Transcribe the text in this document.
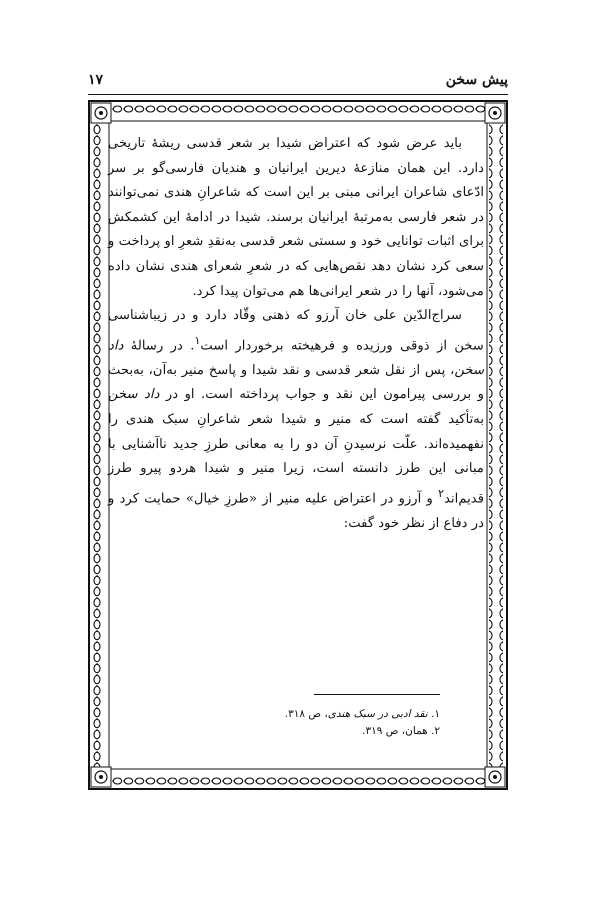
پیش سخن
۱۷

باید عرض شود که اعتراض شیدا بر شعر قدسی ریشهٔ تاریخی دارد. این همان منازعهٔ دیرین ایرانیان و هندیان فارسی‌گو بر سر ادّعای شاعران ایرانی مبنی بر این است که شاعرانِ هندی نمی‌توانند در شعر فارسی به‌مرتبهٔ ایرانیان برسند. شیدا در ادامهٔ این کشمکش برای اثبات توانایی خود و سستی شعر قدسی به‌نقدِ شعرِ او پرداخت و سعی کرد نشان دهد نقص‌هایی که در شعرِ شعرای هندی نشان داده می‌شود، آنها را در شعر ایرانی‌ها هم می‌توان پیدا کرد.

سراج‌الدّین علی خان آرزو که ذهنی وقّاد دارد و در زیباشناسی سخن از ذوقی ورزیده و فرهیخته برخوردار است$^۱$. در رسالهٔ داد سخن، پس از نقل شعر قدسی و نقد شیدا و پاسخ منیر به‌آن، به‌بحث و بررسی پیرامون این نقد و جواب پرداخته است. او در داد سخن به‌تأکید گفته است که منیر و شیدا شعر شاعرانِ سبک هندی را نفهمیده‌اند. علّت نرسیدنِ آن دو را به معانی طرزِ جدید ناآشنایی با مبانی این طرز دانسته است، زیرا منیر و شیدا هردو پیرو طرز قدیم‌اند$^۲$ و آرزو در اعتراض علیه منیر از «طرزِ خیال» حمایت کرد و در دفاع از نظر خود گفت:

۱. نقد ادبی در سبک هندی، ص ۳۱۸.
۲. همان، ص ۳۱۹.
